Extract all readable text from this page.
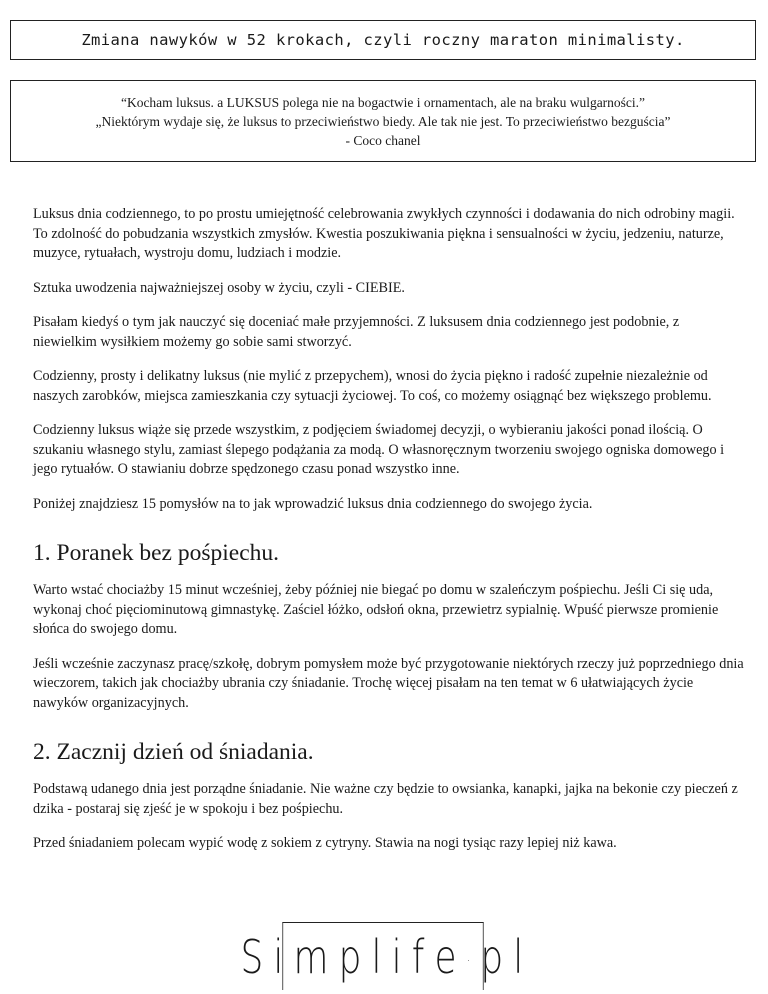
Zmiana nawyków w 52 krokach, czyli roczny maraton minimalisty.
“Kocham luksus. a LUKSUS polega nie na bogactwie i ornamentach, ale na braku wulgarności.”
„Niektórym wydaje się, że luksus to przeciwieństwo biedy. Ale tak nie jest. To przeciwieństwo bezguścia”
- Coco chanel

Luksus dnia codziennego, to po prostu umiejętność celebrowania zwykłych czynności i dodawania do nich odrobiny magii. To zdolność do pobudzania wszystkich zmysłów. Kwestia poszukiwania piękna i sensualności w życiu, jedzeniu, naturze, muzyce, rytuałach, wystroju domu, ludziach i modzie.

Sztuka uwodzenia najważniejszej osoby w życiu, czyli - CIEBIE.

Pisałam kiedyś o tym jak nauczyć się doceniać małe przyjemności. Z luksusem dnia codziennego jest podobnie, z niewielkim wysiłkiem możemy go sobie sami stworzyć.

Codzienny, prosty i delikatny luksus (nie mylić z przepychem), wnosi do życia piękno i radość zupełnie niezależnie od naszych zarobków, miejsca zamieszkania czy sytuacji życiowej. To coś, co możemy osiągnąć bez większego problemu.

Codzienny luksus wiąże się przede wszystkim, z podjęciem świadomej decyzji, o wybieraniu jakości ponad ilością. O szukaniu własnego stylu, zamiast ślepego podążania za modą. O własnoręcznym tworzeniu swojego ogniska domowego i jego rytuałów. O stawianiu dobrze spędzonego czasu ponad wszystko inne.

Poniżej znajdziesz 15 pomysłów na to jak wprowadzić luksus dnia codziennego do swojego życia.

1. Poranek bez pośpiechu.

Warto wstać chociażby 15 minut wcześniej, żeby później nie biegać po domu w szaleńczym pośpiechu. Jeśli Ci się uda, wykonaj choć pięciominutową gimnastykę. Zaściel łóżko, odsłoń okna, przewietrz sypialnię. Wpuść pierwsze promienie słońca do swojego domu.

Jeśli wcześnie zaczynasz pracę/szkołę, dobrym pomysłem może być przygotowanie niektórych rzeczy już poprzedniego dnia wieczorem, takich jak chociażby ubrania czy śniadanie. Trochę więcej pisałam na ten temat w 6 ułatwiających życie nawyków organizacyjnych.

2. Zacznij dzień od śniadania.

Podstawą udanego dnia jest porządne śniadanie. Nie ważne czy będzie to owsianka, kanapki, jajka na bekonie czy pieczeń z dzika - postaraj się zjeść je w spokoju i bez pośpiechu.

Przed śniadaniem polecam wypić wodę z sokiem z cytryny. Stawia na nogi tysiąc razy lepiej niż kawa.

Simplife . pl
